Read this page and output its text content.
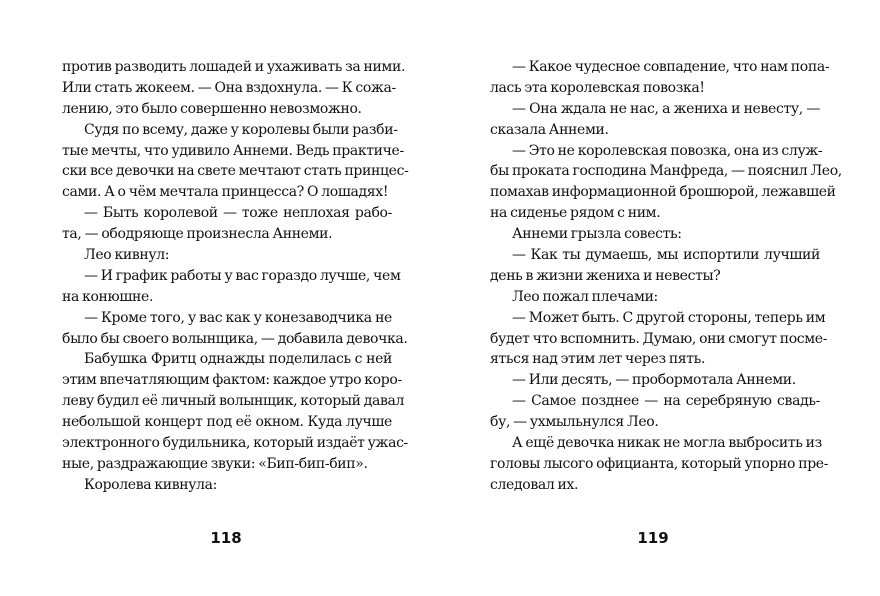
против разводить лошадей и ухаживать за ними.
Или стать жокеем. — Она вздохнула. — К сожа-
лению, это было совершенно невозможно.
Судя по всему, даже у королевы были разби-
тые мечты, что удивило Аннеми. Ведь практиче-
ски все девочки на свете мечтают стать принцес-
сами. А о чём мечтала принцесса? О лошадях!
— Быть королевой — тоже неплохая рабо-
та, — ободряюще произнесла Аннеми.
Лео кивнул:
— И график работы у вас гораздо лучше, чем
на конюшне.
— Кроме того, у вас как у конезаводчика не
было бы своего волынщика, — добавила девочка.
Бабушка Фритц однажды поделилась с ней
этим впечатляющим фактом: каждое утро коро-
леву будил её личный волынщик, который давал
небольшой концерт под её окном. Куда лучше
электронного будильника, который издаёт ужас-
ные, раздражающие звуки: «Бип-бип-бип».
Королева кивнула:
118
— Какое чудесное совпадение, что нам попа-
лась эта королевская повозка!
— Она ждала не нас, а жениха и невесту, —
сказала Аннеми.
— Это не королевская повозка, она из служ-
бы проката господина Манфреда, — пояснил Лео,
помахав информационной брошюрой, лежавшей
на сиденье рядом с ним.
Аннеми грызла совесть:
— Как ты думаешь, мы испортили лучший
день в жизни жениха и невесты?
Лео пожал плечами:
— Может быть. С другой стороны, теперь им
будет что вспомнить. Думаю, они смогут посме-
яться над этим лет через пять.
— Или десять, — пробормотала Аннеми.
— Самое позднее — на серебряную свадь-
бу, — ухмыльнулся Лео.
А ещё девочка никак не могла выбросить из
головы лысого официанта, который упорно пре-
следовал их.
119
